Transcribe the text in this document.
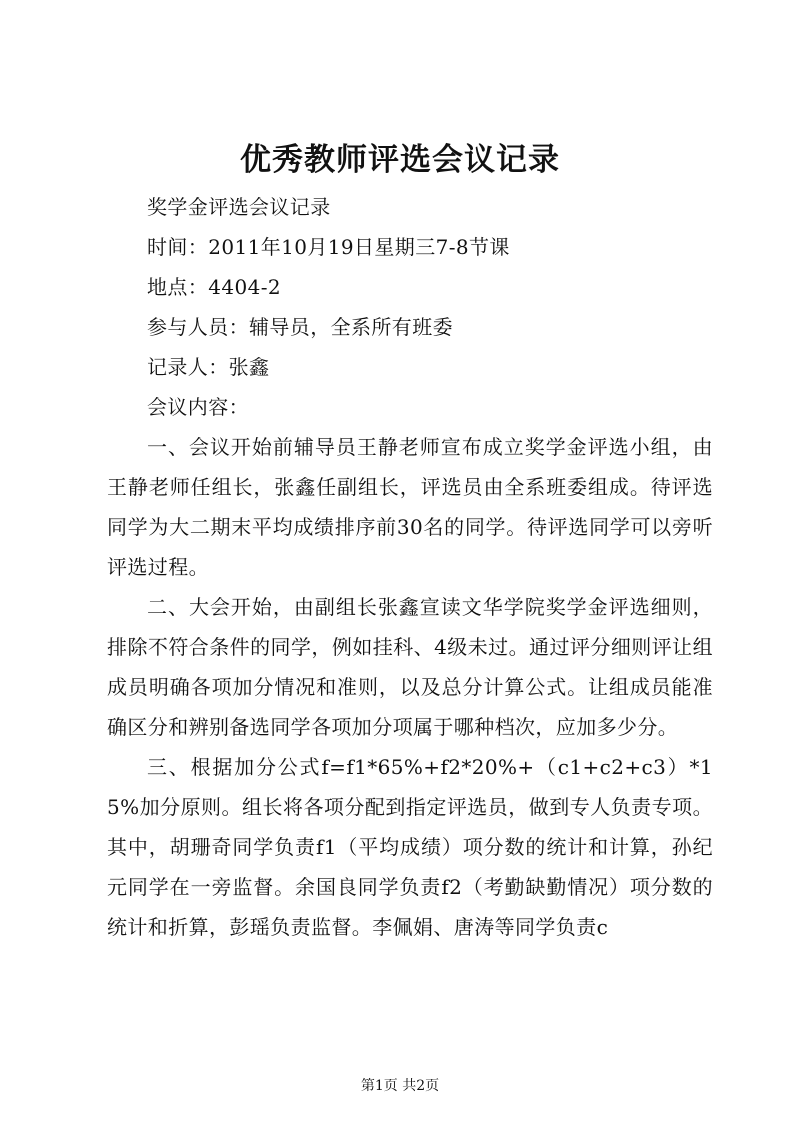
优秀教师评选会议记录

奖学金评选会议记录

时间：2011年10月19日星期三7-8节课

地点：4404-2

参与人员：辅导员，全系所有班委

记录人：张鑫

会议内容：

一、会议开始前辅导员王静老师宣布成立奖学金评选小组，由王静老师任组长，张鑫任副组长，评选员由全系班委组成。待评选同学为大二期末平均成绩排序前30名的同学。待评选同学可以旁听评选过程。

二、大会开始，由副组长张鑫宣读文华学院奖学金评选细则，排除不符合条件的同学，例如挂科、4级未过。通过评分细则评让组成员明确各项加分情况和准则，以及总分计算公式。让组成员能准确区分和辨别备选同学各项加分项属于哪种档次，应加多少分。

三、根据加分公式f=f1*65%+f2*20%+（c1+c2+c3）*15%加分原则。组长将各项分配到指定评选员，做到专人负责专项。其中，胡珊奇同学负责f1（平均成绩）项分数的统计和计算，孙纪元同学在一旁监督。余国良同学负责f2（考勤缺勤情况）项分数的统计和折算，彭瑶负责监督。李佩娟、唐涛等同学负责c

第1页 共2页
